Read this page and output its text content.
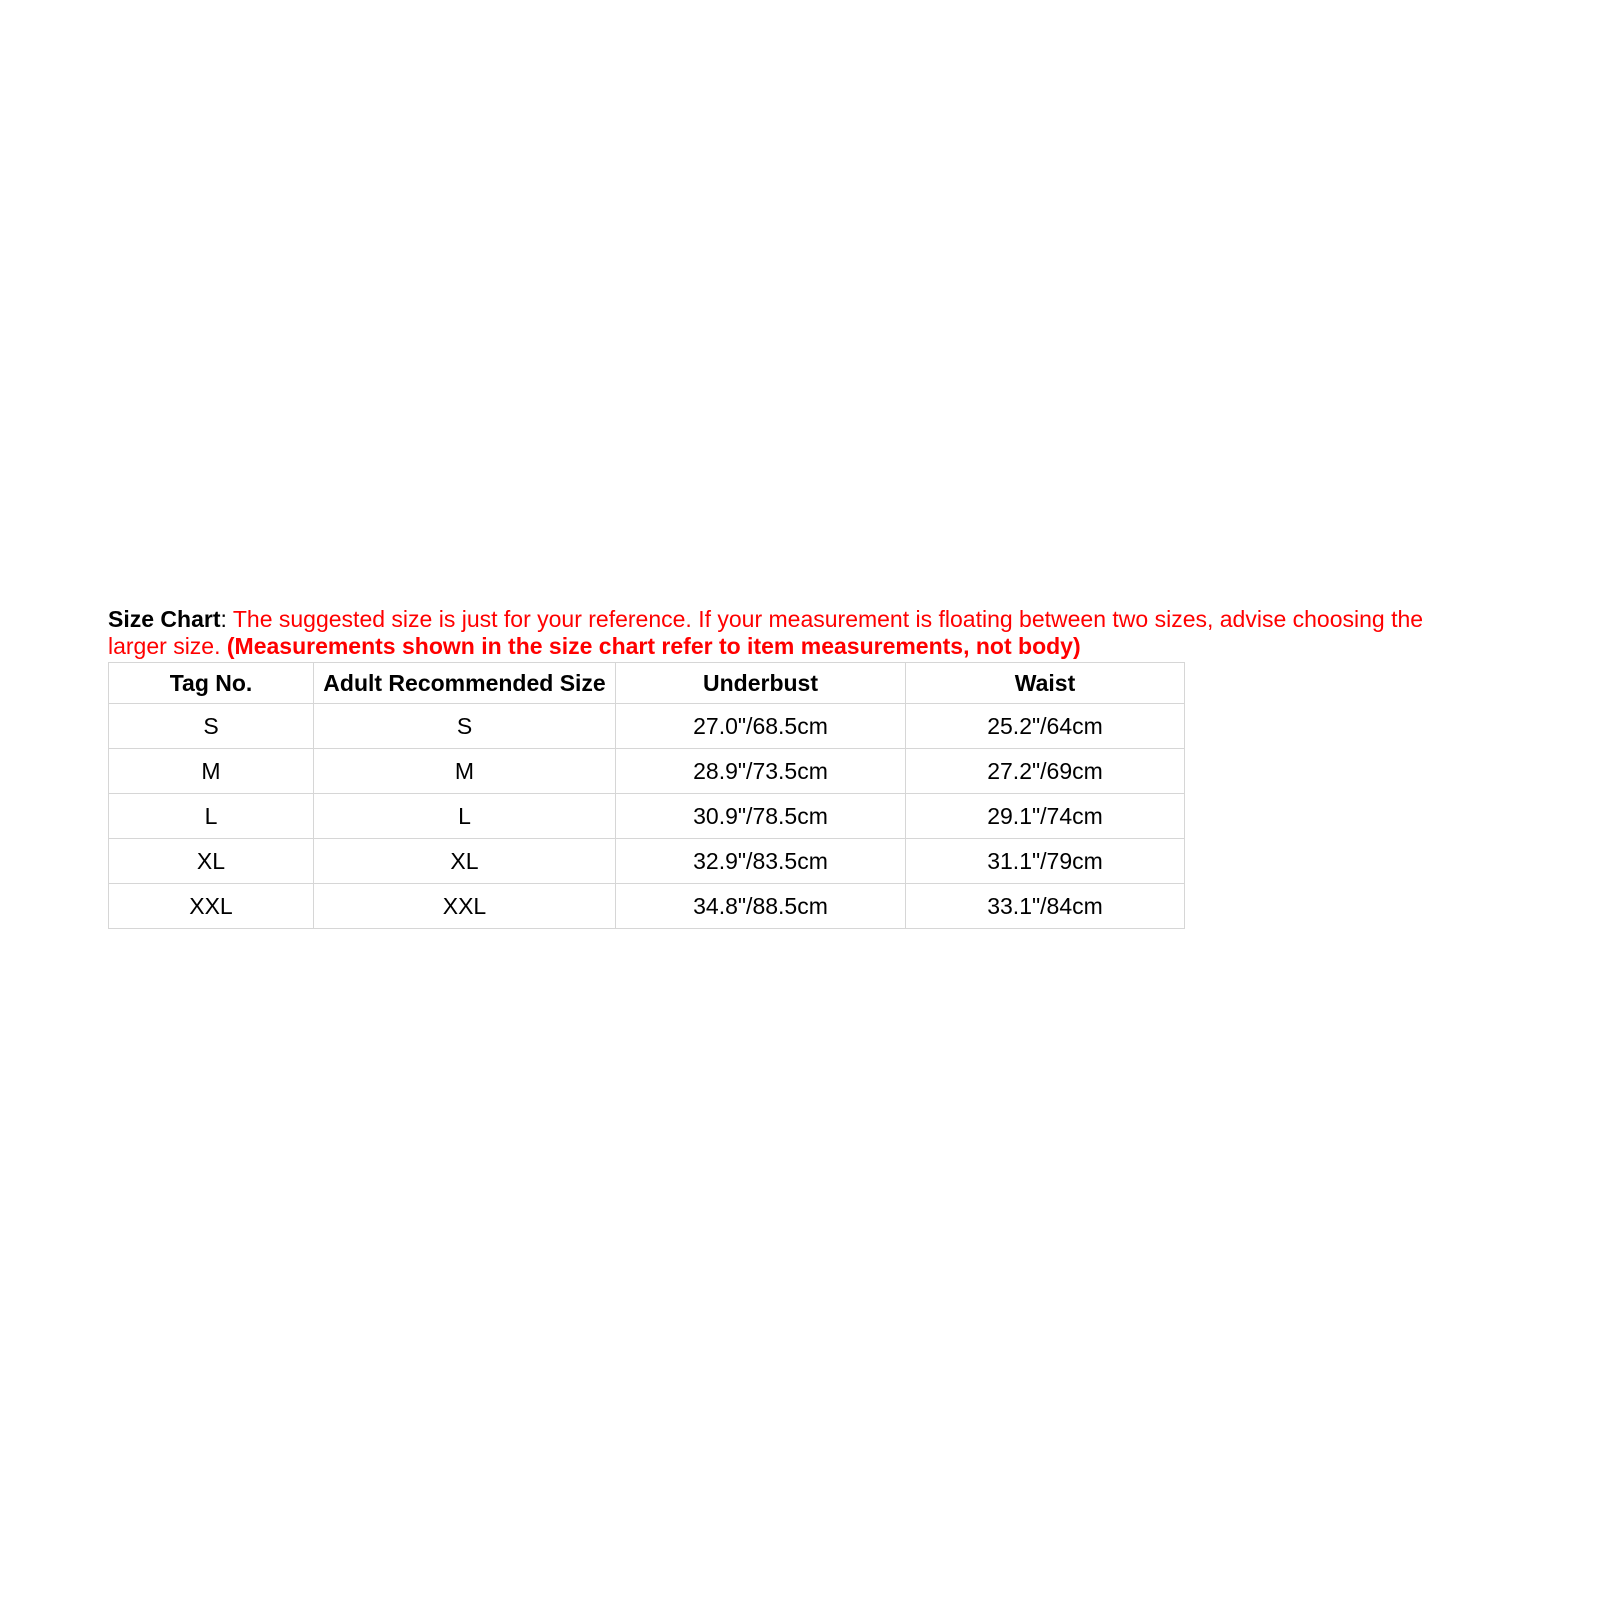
Size Chart: The suggested size is just for your reference. If your measurement is floating between two sizes, advise choosing the larger size. (Measurements shown in the size chart refer to item measurements, not body)

Tag No.	Adult Recommended Size	Underbust	Waist
S	S	27.0"/68.5cm	25.2"/64cm
M	M	28.9"/73.5cm	27.2"/69cm
L	L	30.9"/78.5cm	29.1"/74cm
XL	XL	32.9"/83.5cm	31.1"/79cm
XXL	XXL	34.8"/88.5cm	33.1"/84cm
